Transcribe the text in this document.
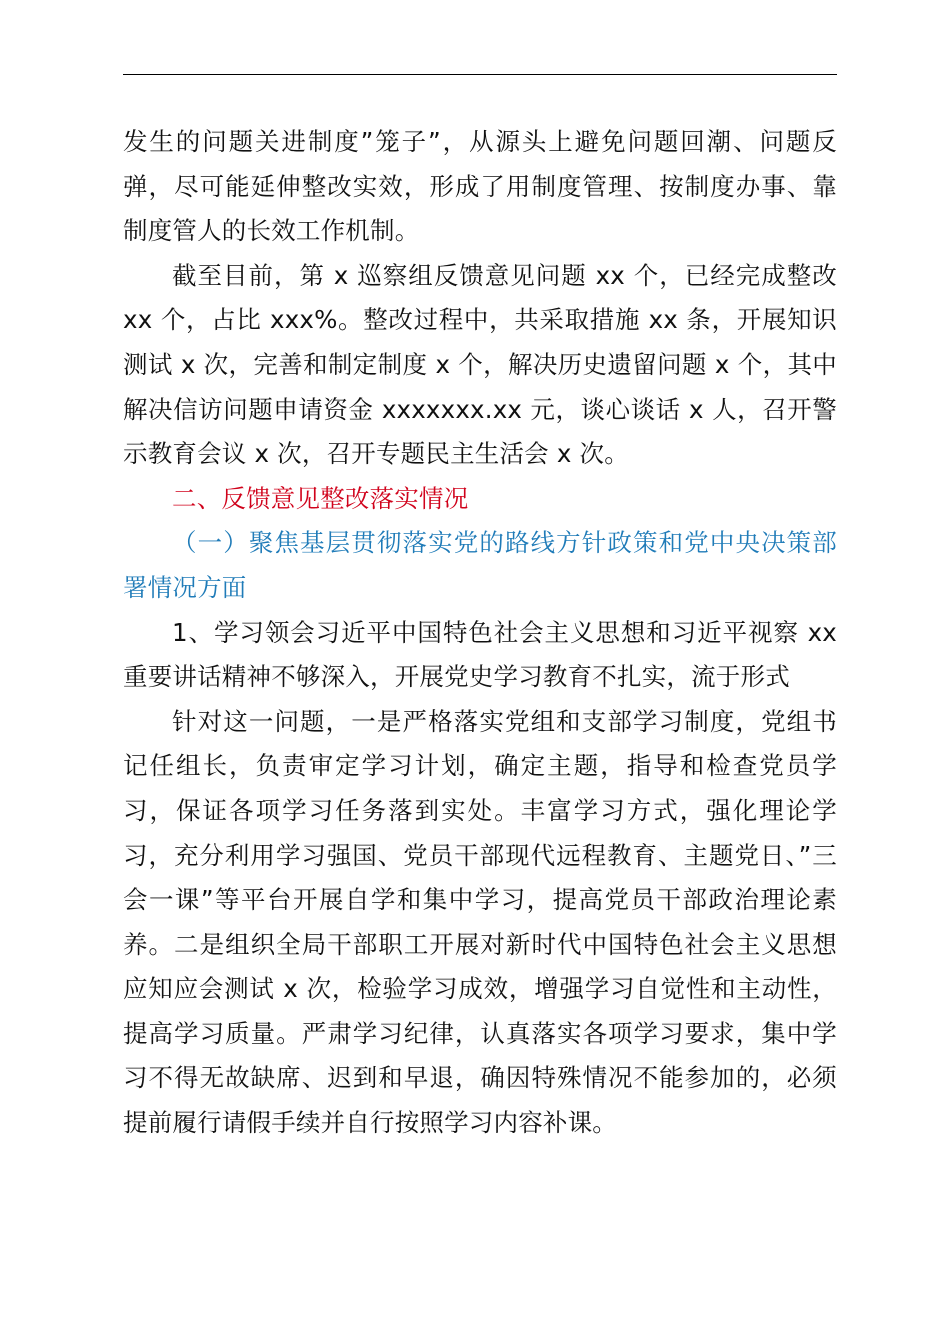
发生的问题关进制度”笼子”，从源头上避免问题回潮、问题反弹，尽可能延伸整改实效，形成了用制度管理、按制度办事、靠制度管人的长效工作机制。

截至目前，第 x 巡察组反馈意见问题 xx 个，已经完成整改 xx 个，占比 xxx%。整改过程中，共采取措施 xx 条，开展知识测试 x 次，完善和制定制度 x 个，解决历史遗留问题 x 个，其中解决信访问题申请资金 xxxxxxx.xx 元，谈心谈话 x 人，召开警示教育会议 x 次，召开专题民主生活会 x 次。

二、反馈意见整改落实情况

（一）聚焦基层贯彻落实党的路线方针政策和党中央决策部署情况方面

1、学习领会习近平中国特色社会主义思想和习近平视察 xx 重要讲话精神不够深入，开展党史学习教育不扎实，流于形式

针对这一问题，一是严格落实党组和支部学习制度，党组书记任组长，负责审定学习计划，确定主题，指导和检查党员学习，保证各项学习任务落到实处。丰富学习方式，强化理论学习，充分利用学习强国、党员干部现代远程教育、主题党日、”三会一课”等平台开展自学和集中学习，提高党员干部政治理论素养。二是组织全局干部职工开展对新时代中国特色社会主义思想应知应会测试 x 次，检验学习成效，增强学习自觉性和主动性，提高学习质量。严肃学习纪律，认真落实各项学习要求，集中学习不得无故缺席、迟到和早退，确因特殊情况不能参加的，必须提前履行请假手续并自行按照学习内容补课。
